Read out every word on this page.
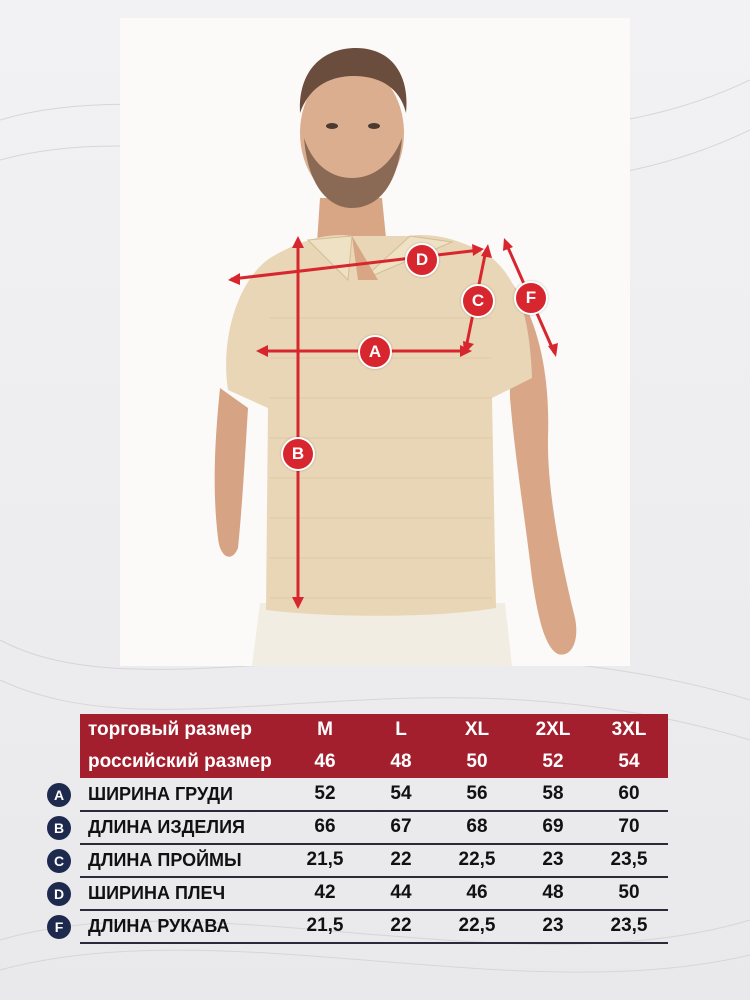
D
C	F
A
B
торговый размер	M	L	XL	2XL	3XL
российский размер	46	48	50	52	54
A	ШИРИНА ГРУДИ	52	54	56	58	60
B	ДЛИНА ИЗДЕЛИЯ	66	67	68	69	70
C	ДЛИНА ПРОЙМЫ	21,5	22	22,5	23	23,5
D	ШИРИНА ПЛЕЧ	42	44	46	48	50
F	ДЛИНА РУКАВА	21,5	22	22,5	23	23,5
